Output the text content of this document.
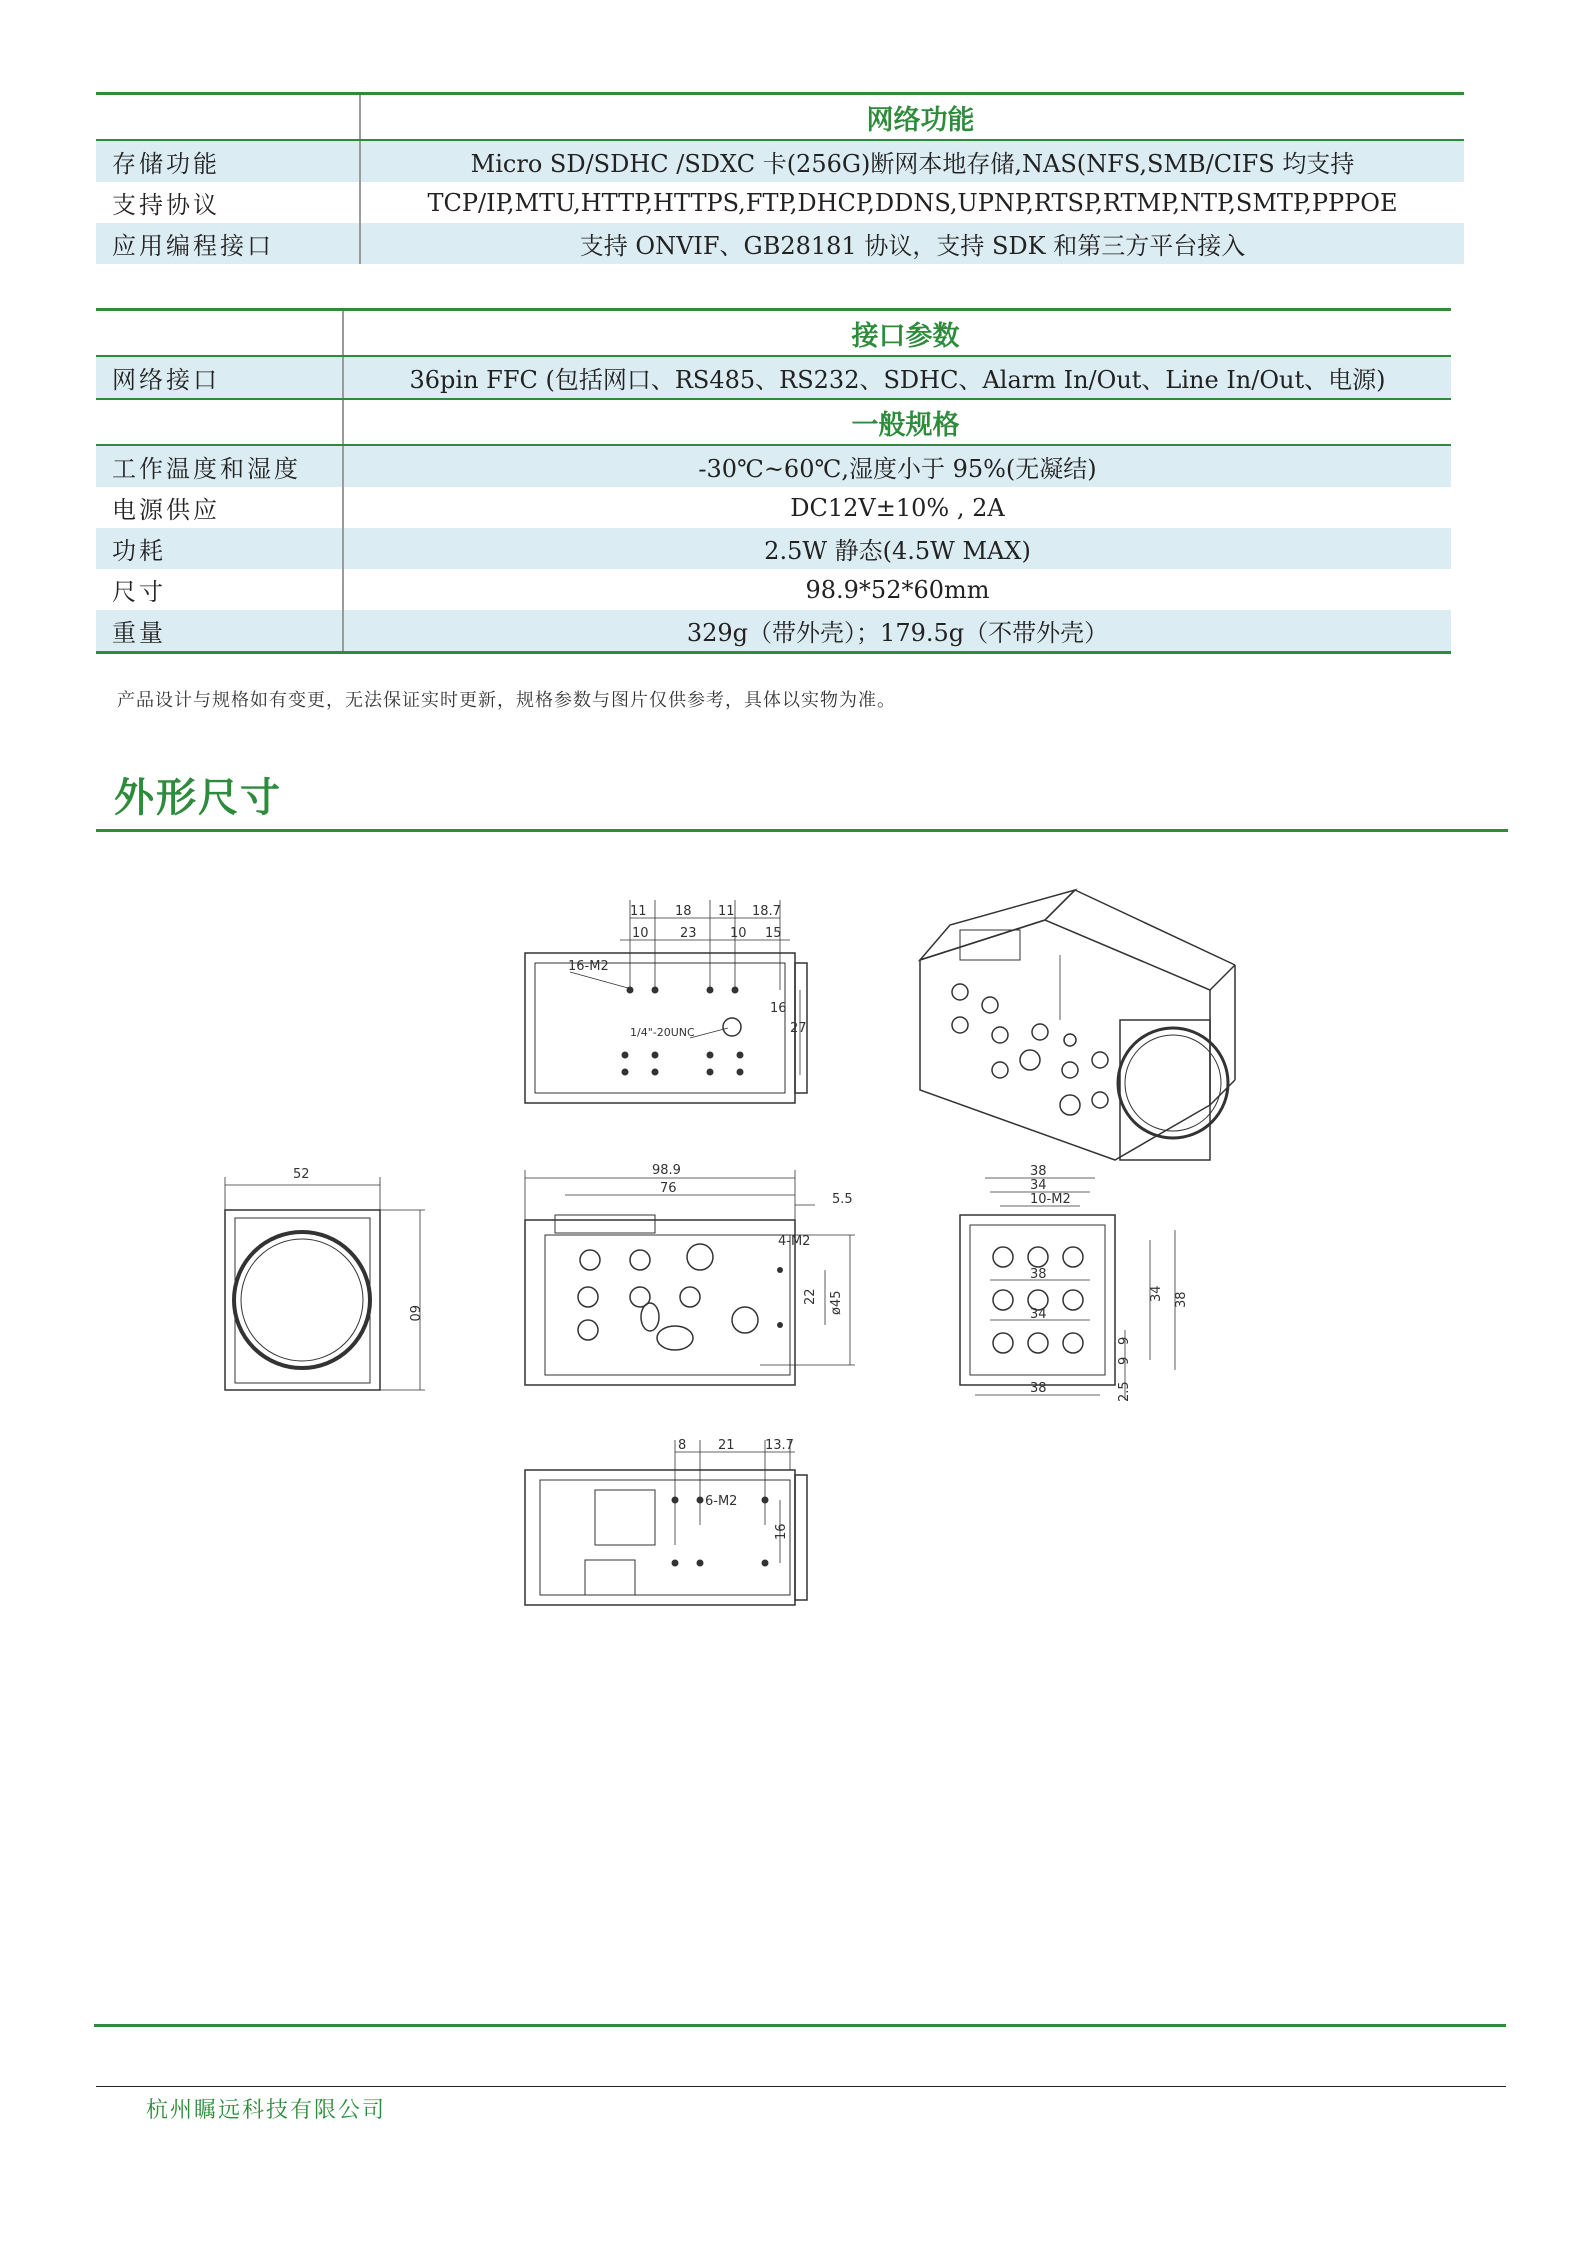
	网络功能
存储功能	Micro SD/SDHC /SDXC 卡(256G)断网本地存储,NAS(NFS,SMB/CIFS 均支持
支持协议	TCP/IP,MTU,HTTP,HTTPS,FTP,DHCP,DDNS,UPNP,RTSP,RTMP,NTP,SMTP,PPPOE
应用编程接口	支持 ONVIF、GB28181 协议，支持 SDK 和第三方平台接入
	接口参数
网络接口	36pin FFC (包括网口、RS485、RS232、SDHC、Alarm In/Out、Line In/Out、电源)
	一般规格
工作温度和湿度	-30℃~60℃,湿度小于 95%(无凝结)
电源供应	DC12V±10% , 2A
功耗	2.5W 静态(4.5W MAX)
尺寸	98.9*52*60mm
重量	329g（带外壳）；179.5g（不带外壳）
产品设计与规格如有变更，无法保证实时更新，规格参数与图片仅供参考，具体以实物为准。
外形尺寸
11 18 11 18.7
10 23	10 15
16-M2
1/4"-20UNC
16
27
52
60
98.9
76
5.5
4-M2
22 ø45
38
34
38
34
38
10-M2
34 38
9
9
2.5
8 21 13.7
6-M2
16
杭州瞩远科技有限公司
